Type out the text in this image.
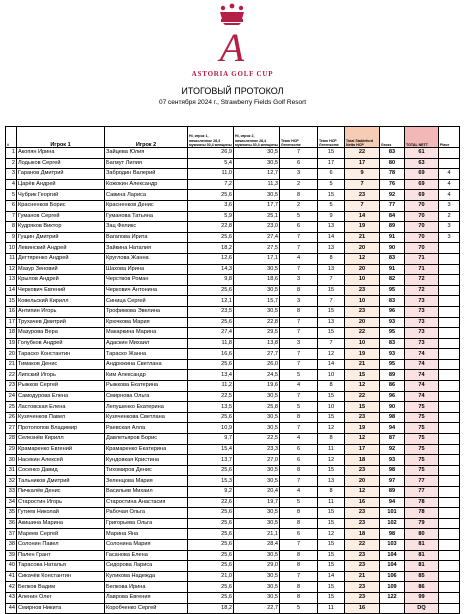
A
ASTORIA GOLF CUP
ИТОГОВЫЙ ПРОТОКОЛ
07 сентября 2024 г., Strawberry Fields Golf Resort
#	Игрок 1	Игрок 2	Hi, игрок 1, начисленное 28,4 мужчины 30,4 женщины	Hi, игрок 2, начисленное 28,4 мужчины 30,4 женщины	Team HCP Greensome	Team HCP Greensome	Total Stableford Netto HCP	Gross	TOTAL NETT	Place
1	Акопян Ирина	Зайцева Юлия	26,9	30,5	7	15	22	83	61	
2	Лодыков Сергей	Багмут Лилия	5,4	30,5	6	17	17	80	63	
3	Гаранов Дмитрий	Забродин Валерий	11,0	12,7	3	6	9	78	69	4
4	Царёв Андрей	Кожокин Александр	7,2	11,3	2	5	7	76	69	4
5	Чубрик Георгий	Савина Лариса	25,6	30,5	8	15	23	92	69	4
6	Красненков Борис	Красненков Денис	3,6	17,7	2	5	7	77	70	3
7	Гуманов Сергей	Гуманова Татьяна	5,9	25,1	5	9	14	84	70	2
8	Кудряков Виктор	Зац Феликс	22,8	23,0	6	13	19	89	70	3
9	Гущин Дмитрий	Вагапова Ирита	25,6	27,4	7	14	21	91	70	3
10	Левинский Андрей	Зайкина Наталия	18,2	27,5	7	13	20	90	70	
11	Дегтяренко Андрей	Круглова Жанна	12,6	17,1	4	8	12	83	71	
12	Мазур Зеновий	Шахова Ирина	14,3	30,5	7	13	20	91	71	
13	Крылов Андрей	Черствов Роман	9,8	18,6	3	7	10	82	72	
14	Черкович Евгений	Черкович Антонина	25,6	30,5	8	15	23	95	72	
15	Ковельский Кирилл	Синица Сергей	12,1	15,7	3	7	10	83	73	
16	Антипин Игорь	Трофимова Эвелина	23,5	30,5	8	15	23	96	73	
17	Трухачев Дмитрий	Крючкова Мария	25,6	22,8	7	13	20	93	73	
18	Мазурова Вера	Макаркина Марина	27,4	29,5	7	15	22	95	73	
19	Голубков Андрей	Адаскин Михаил	11,8	13,8	3	7	10	83	73	
20	Тараско Константин	Тараско Жанна	16,6	27,7	7	12	19	93	74	
21	Тимаков Денис	Андрюкина Светлана	25,6	26,0	7	14	21	95	74	
22	Липский Игорь	Ким Александр	13,4	24,5	5	10	15	89	74	
23	Рыжков Сергей	Рыжкова Екатерина	11,2	19,6	4	8	12	86	74	
24	Самодурова Елена	Смирнова Ольга	22,5	30,5	7	15	22	96	74	
25	Ластовская Елена	Лепушенко Екатерина	13,5	25,8	5	10	15	90	75	
26	Кузяченков Павел	Кузяченкова Светлана	25,6	30,5	8	15	23	98	75	
27	Протопопов Владимир	Раевская Алла	10,9	30,5	7	12	19	94	75	
28	Селезнёв Кирилл	Давлетьяров Борис	9,7	22,5	4	8	12	87	75	
29	Крамаренко Евгений	Крамаренко Екатерина	15,4	23,3	6	11	17	92	75	
30	Насекин Алексей	Кундовкая Кристина	13,7	27,0	6	12	18	93	75	
31	Сосенко Давид	Тихомиров Денис	25,6	30,5	8	15	23	98	75	
32	Тальников Дмитрий	Зеленцова Мария	15,3	30,5	7	13	20	97	77	
33	Пичкалёв Денис	Васильев Михаил	9,2	20,4	4	8	12	89	77	
34	Старостин Игорь	Старостина Анастасия	22,6	19,7	5	11	16	94	78	
35	Гутиев Николай	Рабочая Ольга	25,6	30,5	8	15	23	101	78	
36	Акишина Марина	Григорьева Ольга	25,6	30,5	8	15	23	102	79	
37	Мареев Сергей	Марина Яна	25,6	21,1	6	12	18	98	80	
38	Солонин Павел	Солонина Мария	25,6	28,4	7	15	22	103	81	
39	Пален Грант	Гасанова Елена	25,6	30,5	8	15	23	104	81	
40	Тарасова Наталья	Сидорова Лариса	25,6	29,0	8	15	23	104	81	
41	Сикачёв Константин	Куликова Надежда	21,0	30,5	7	14	21	106	85	
42	Белков Вадим	Белкова Ирина	25,6	30,5	8	15	23	109	86	
43	Аленин Олег	Лаврова Евгения	25,6	30,5	8	15	23	122	99	
44	Смирнов Никита	Коробченко Сергей	18,2	22,7	5	11	16		DQ	
